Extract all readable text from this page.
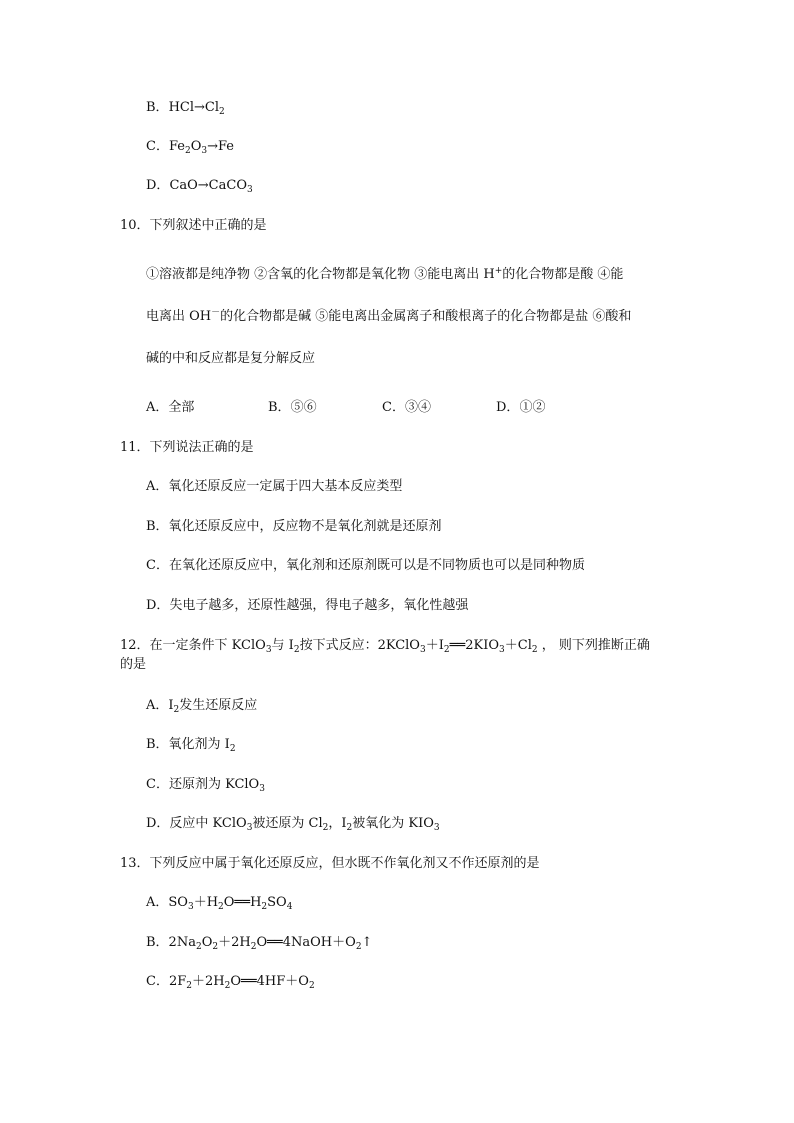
B．$HCl\to Cl_2$
C．$Fe_2O_3\to Fe$
D．CaO→CaCO$_3$
10．下列叙述中正确的是
①溶液都是纯净物 ②含氧的化合物都是氧化物 ③能电离出 H+的化合物都是酸 ④能
电离出 OH－的化合物都是碱 ⑤能电离出金属离子和酸根离子的化合物都是盐 ⑥酸和
碱的中和反应都是复分解反应
A．全部	B．⑤⑥	C．③④	D．①②
11．下列说法正确的是
A．氧化还原反应一定属于四大基本反应类型
B．氧化还原反应中，反应物不是氧化剂就是还原剂
C．在氧化还原反应中，氧化剂和还原剂既可以是不同物质也可以是同种物质
D．失电子越多，还原性越强，得电子越多，氧化性越强
12．在一定条件下 KClO$_3$与 $I_2$按下式反应：$2KClO_3+I_2══2KIO_3+Cl_2$ ， 则下列推断正确
的是
A．$I_2$发生还原反应
B．氧化剂为 $I_2$
C．还原剂为 KClO$_3$
D．反应中 KClO$_3$被还原为 $Cl_2$，$I_2$被氧化为 $KIO_3$
13．下列反应中属于氧化还原反应，但水既不作氧化剂又不作还原剂的是
A．$SO_3+H_2O══H_2SO_4$
B．$2Na_2O_2+2H_2O══4NaOH+O_2↑$
C．$2F_2+2H_2O══4HF+O_2$
